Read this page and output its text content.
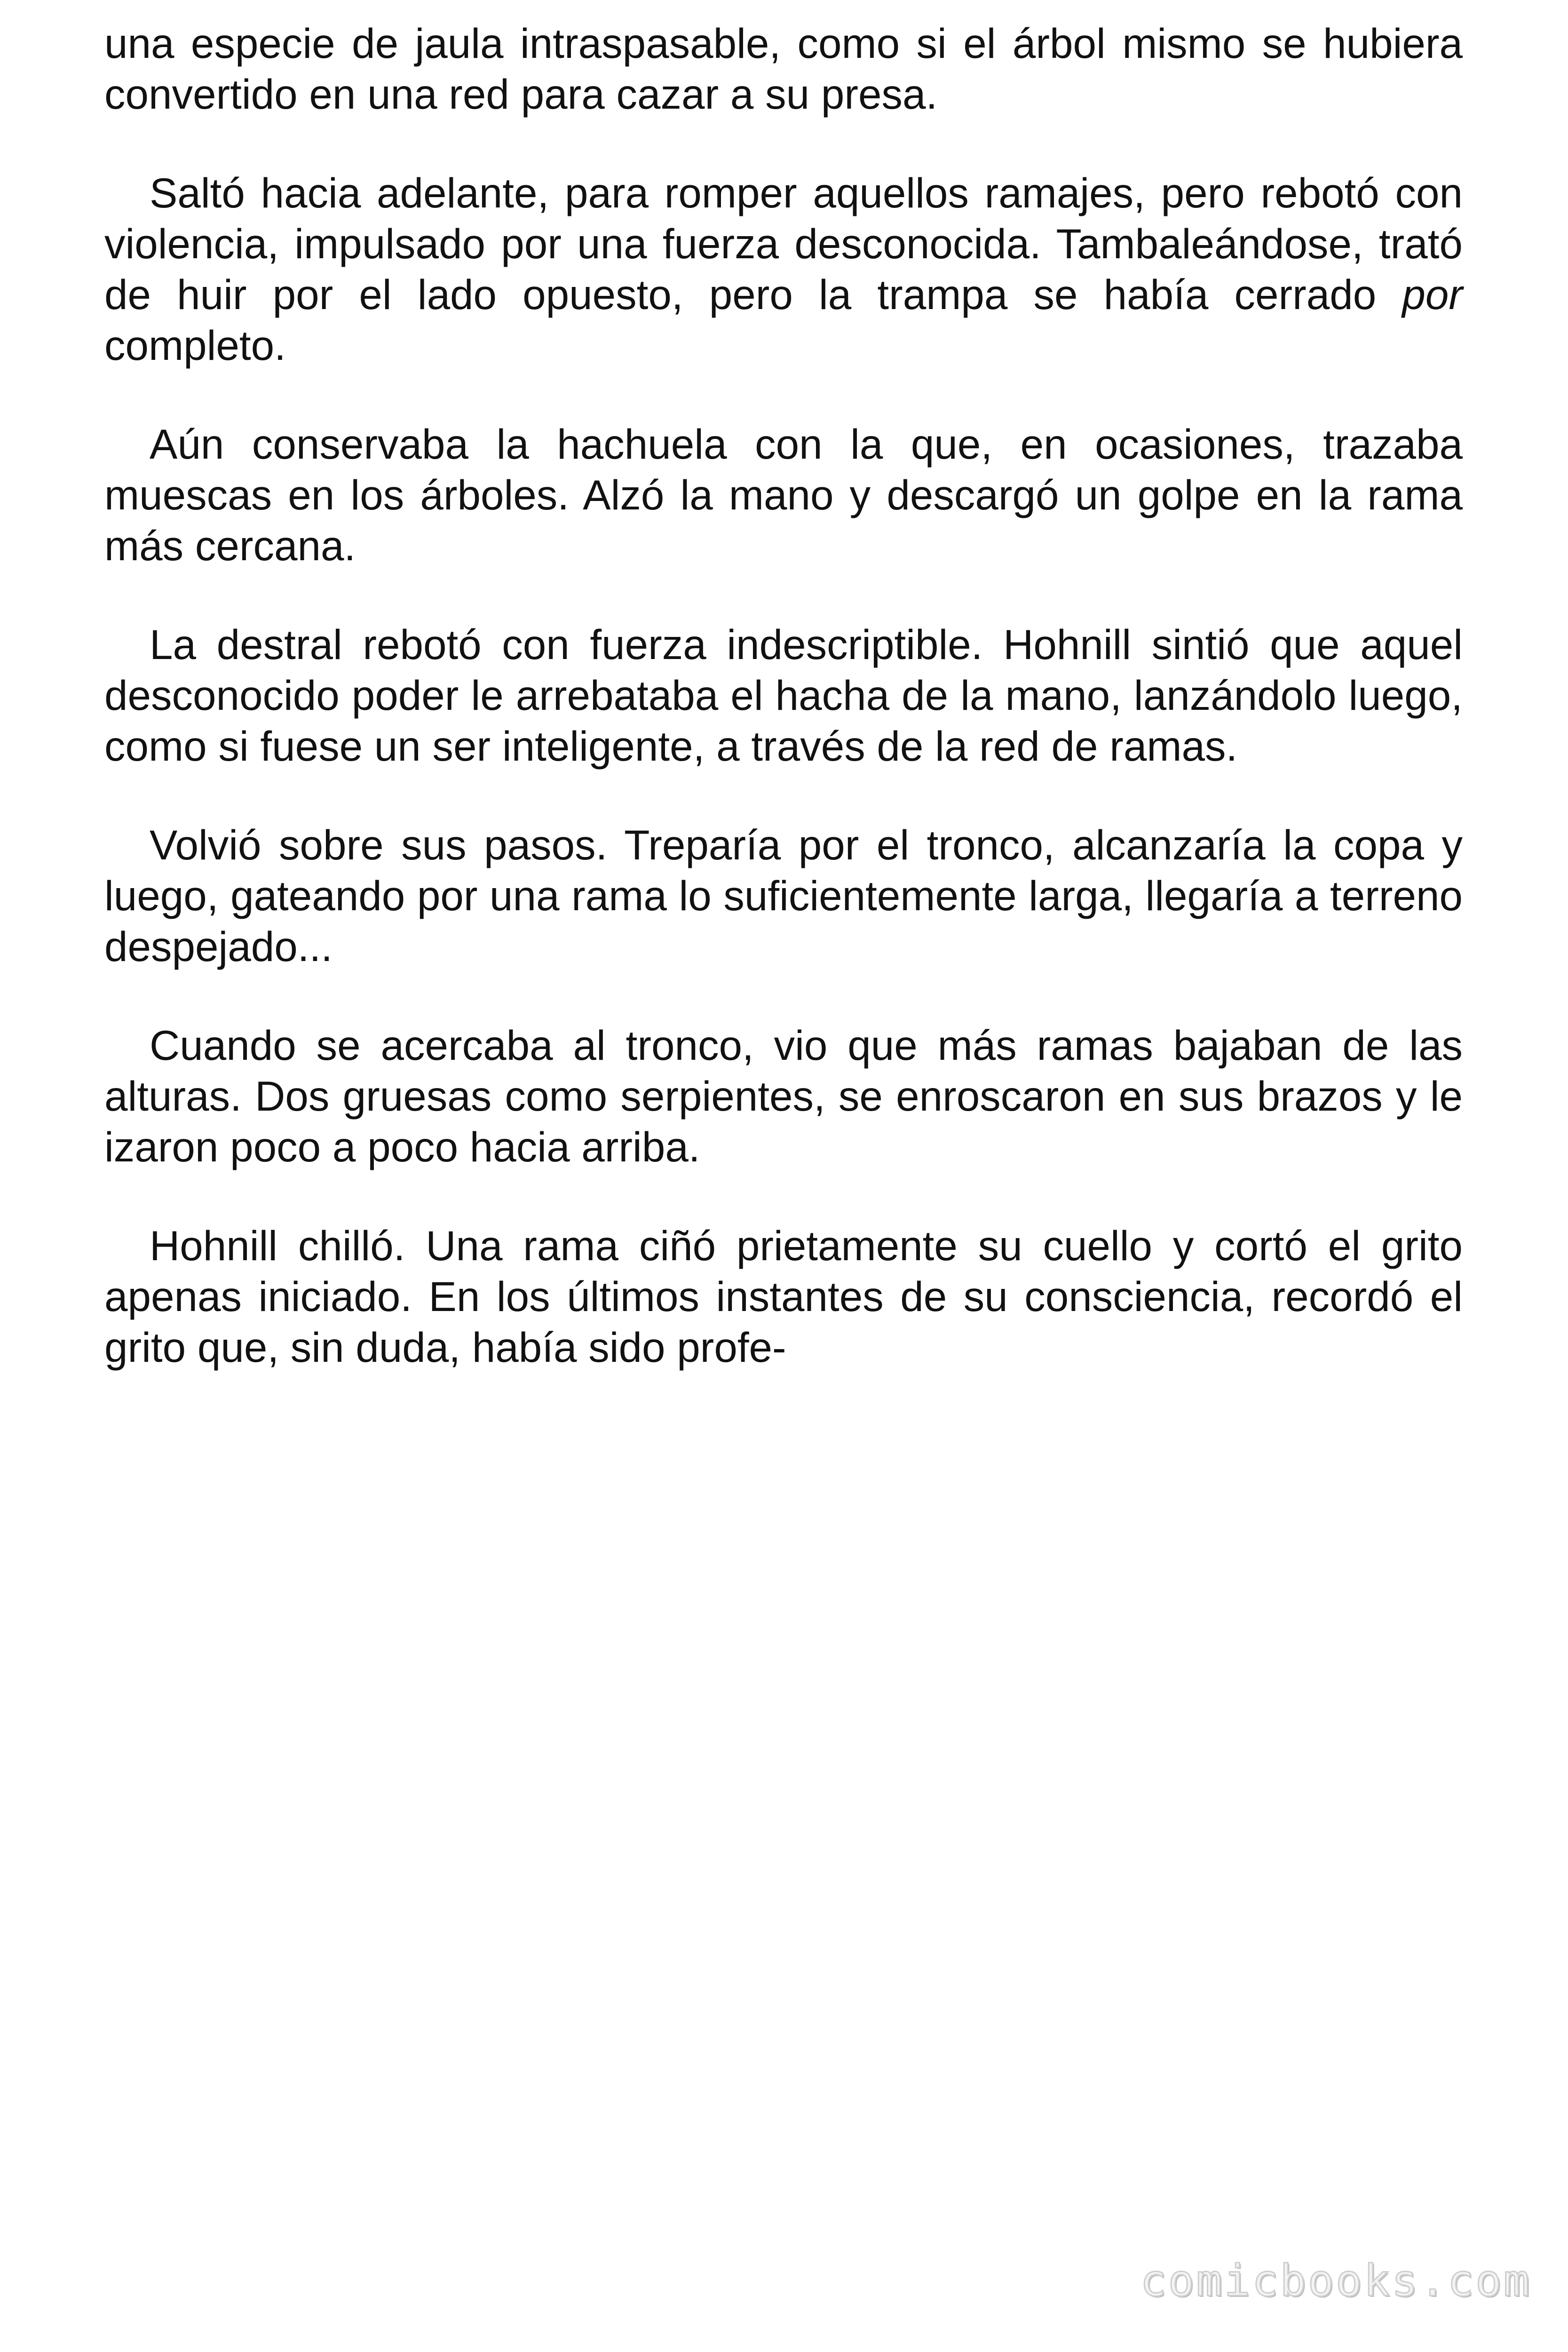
una especie de jaula intraspasable, como si el árbol mismo se hubiera convertido en una red para cazar a su presa.

Saltó hacia adelante, para romper aquellos ramajes, pero rebotó con violencia, impulsado por una fuerza desconocida. Tambaleándose, trató de huir por el lado opuesto, pero la trampa se había cerrado por completo.

Aún conservaba la hachuela con la que, en ocasiones, trazaba muescas en los árboles. Alzó la mano y descargó un golpe en la rama más cercana.

La destral rebotó con fuerza indescriptible. Hohnill sintió que aquel desconocido poder le arrebataba el hacha de la mano, lanzándolo luego, como si fuese un ser inteligente, a través de la red de ramas.

Volvió sobre sus pasos. Treparía por el tronco, alcanzaría la copa y luego, gateando por una rama lo suficientemente larga, llegaría a terreno despejado...

Cuando se acercaba al tronco, vio que más ramas bajaban de las alturas. Dos gruesas como serpientes, se enroscaron en sus brazos y le izaron poco a poco hacia arriba.

Hohnill chilló. Una rama ciñó prietamente su cuello y cortó el grito apenas iniciado. En los últimos instantes de su consciencia, recordó el grito que, sin duda, había sido profe-

comicbooks.com
